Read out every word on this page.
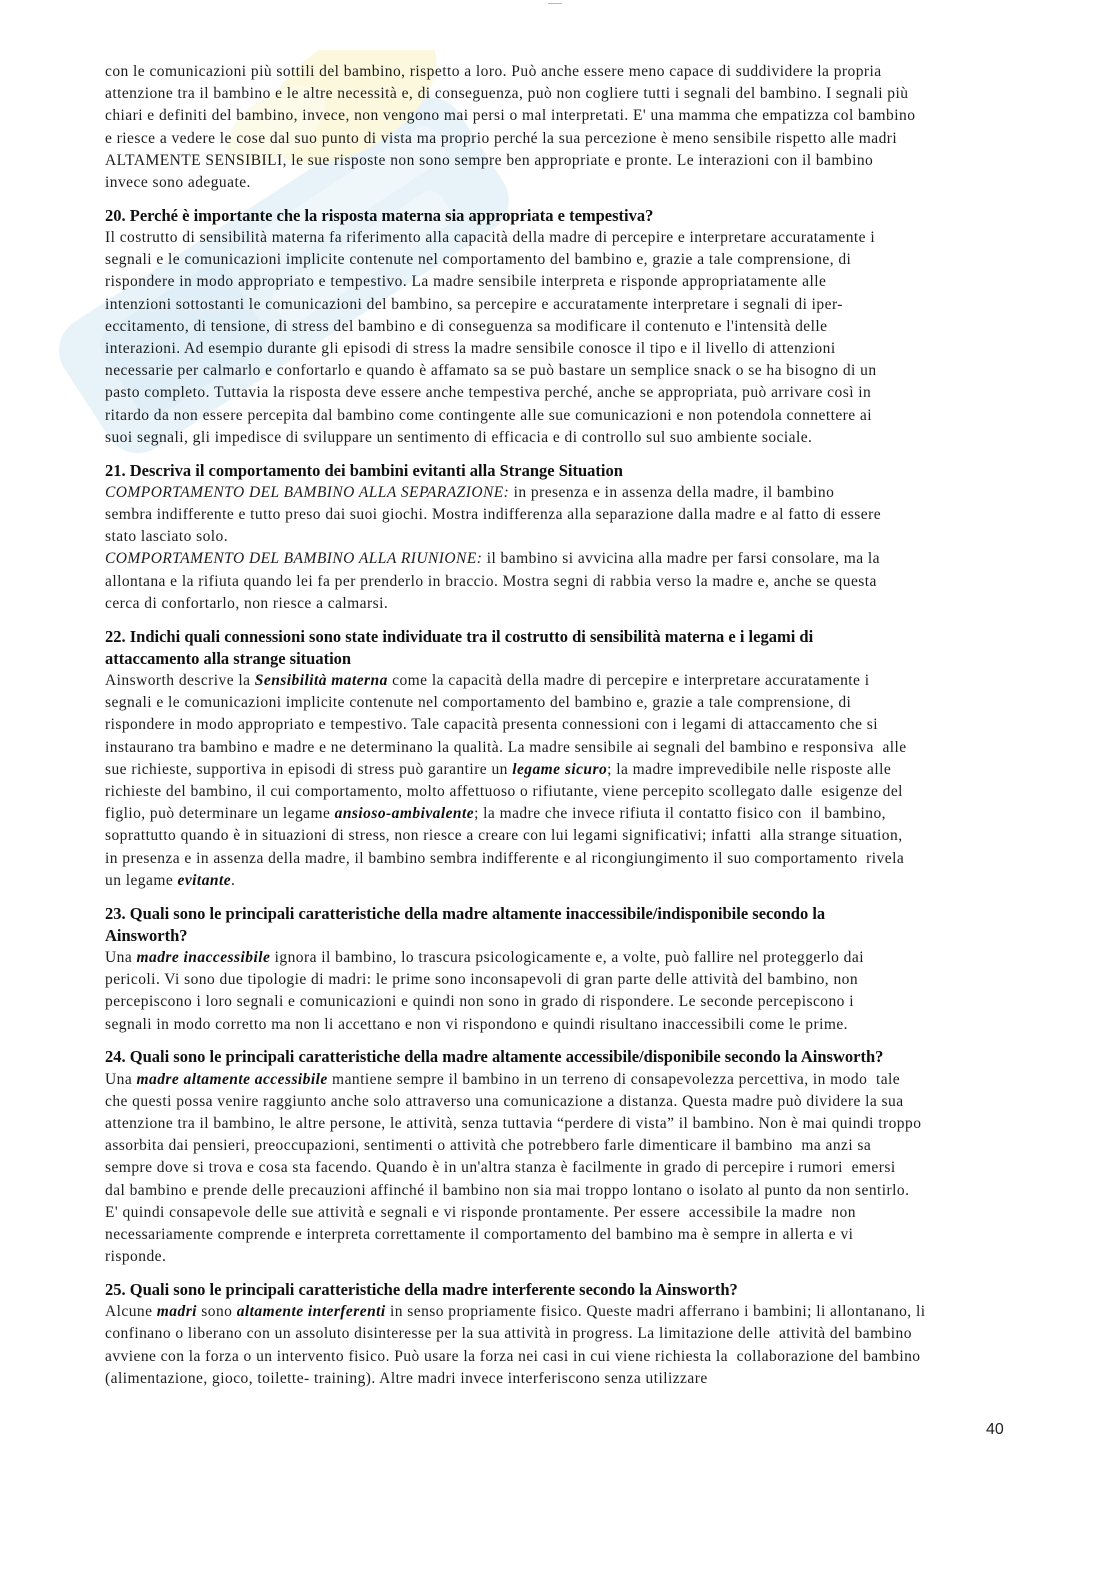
con le comunicazioni più sottili del bambino, rispetto a loro. Può anche essere meno capace di suddividere la propria
attenzione tra il bambino e le altre necessità e, di conseguenza, può non cogliere tutti i segnali del bambino. I segnali più
chiari e definiti del bambino, invece, non vengono mai persi o mal interpretati. E' una mamma che empatizza col bambino
e riesce a vedere le cose dal suo punto di vista ma proprio perché la sua percezione è meno sensibile rispetto alle madri
ALTAMENTE SENSIBILI, le sue risposte non sono sempre ben appropriate e pronte. Le interazioni con il bambino
invece sono adeguate.
20. Perché è importante che la risposta materna sia appropriata e tempestiva?
Il costrutto di sensibilità materna fa riferimento alla capacità della madre di percepire e interpretare accuratamente i
segnali e le comunicazioni implicite contenute nel comportamento del bambino e, grazie a tale comprensione, di
rispondere in modo appropriato e tempestivo. La madre sensibile interpreta e risponde appropriatamente alle
intenzioni sottostanti le comunicazioni del bambino, sa percepire e accuratamente interpretare i segnali di iper-
eccitamento, di tensione, di stress del bambino e di conseguenza sa modificare il contenuto e l'intensità delle
interazioni. Ad esempio durante gli episodi di stress la madre sensibile conosce il tipo e il livello di attenzioni
necessarie per calmarlo e confortarlo e quando è affamato sa se può bastare un semplice snack o se ha bisogno di un
pasto completo. Tuttavia la risposta deve essere anche tempestiva perché, anche se appropriata, può arrivare così in
ritardo da non essere percepita dal bambino come contingente alle sue comunicazioni e non potendola connettere ai
suoi segnali, gli impedisce di sviluppare un sentimento di efficacia e di controllo sul suo ambiente sociale.
21. Descriva il comportamento dei bambini evitanti alla Strange Situation
COMPORTAMENTO DEL BAMBINO ALLA SEPARAZIONE: in presenza e in assenza della madre, il bambino
sembra indifferente e tutto preso dai suoi giochi. Mostra indifferenza alla separazione dalla madre e al fatto di essere
stato lasciato solo.
COMPORTAMENTO DEL BAMBINO ALLA RIUNIONE: il bambino si avvicina alla madre per farsi consolare, ma la
allontana e la rifiuta quando lei fa per prenderlo in braccio. Mostra segni di rabbia verso la madre e, anche se questa
cerca di confortarlo, non riesce a calmarsi.
22. Indichi quali connessioni sono state individuate tra il costrutto di sensibilità materna e i legami di
attaccamento alla strange situation
Ainsworth descrive la Sensibilità materna come la capacità della madre di percepire e interpretare accuratamente i
segnali e le comunicazioni implicite contenute nel comportamento del bambino e, grazie a tale comprensione, di
rispondere in modo appropriato e tempestivo. Tale capacità presenta connessioni con i legami di attaccamento che si
instaurano tra bambino e madre e ne determinano la qualità. La madre sensibile ai segnali del bambino e responsiva  alle
sue richieste, supportiva in episodi di stress può garantire un legame sicuro; la madre imprevedibile nelle risposte alle
richieste del bambino, il cui comportamento, molto affettuoso o rifiutante, viene percepito scollegato dalle  esigenze del
figlio, può determinare un legame ansioso-ambivalente; la madre che invece rifiuta il contatto fisico con  il bambino,
soprattutto quando è in situazioni di stress, non riesce a creare con lui legami significativi; infatti  alla strange situation,
in presenza e in assenza della madre, il bambino sembra indifferente e al ricongiungimento il suo comportamento  rivela
un legame evitante.
23. Quali sono le principali caratteristiche della madre altamente inaccessibile/indisponibile secondo la
Ainsworth?
Una madre inaccessibile ignora il bambino, lo trascura psicologicamente e, a volte, può fallire nel proteggerlo dai
pericoli. Vi sono due tipologie di madri: le prime sono inconsapevoli di gran parte delle attività del bambino, non
percepiscono i loro segnali e comunicazioni e quindi non sono in grado di rispondere. Le seconde percepiscono i
segnali in modo corretto ma non li accettano e non vi rispondono e quindi risultano inaccessibili come le prime.
24. Quali sono le principali caratteristiche della madre altamente accessibile/disponibile secondo la Ainsworth?
Una madre altamente accessibile mantiene sempre il bambino in un terreno di consapevolezza percettiva, in modo  tale
che questi possa venire raggiunto anche solo attraverso una comunicazione a distanza. Questa madre può dividere la sua
attenzione tra il bambino, le altre persone, le attività, senza tuttavia “perdere di vista” il bambino. Non è mai quindi troppo
assorbita dai pensieri, preoccupazioni, sentimenti o attività che potrebbero farle dimenticare il bambino  ma anzi sa
sempre dove si trova e cosa sta facendo. Quando è in un'altra stanza è facilmente in grado di percepire i rumori  emersi
dal bambino e prende delle precauzioni affinché il bambino non sia mai troppo lontano o isolato al punto da non sentirlo.
E' quindi consapevole delle sue attività e segnali e vi risponde prontamente. Per essere  accessibile la madre  non
necessariamente comprende e interpreta correttamente il comportamento del bambino ma è sempre in allerta e vi
risponde.
25. Quali sono le principali caratteristiche della madre interferente secondo la Ainsworth?
Alcune madri sono altamente interferenti in senso propriamente fisico. Queste madri afferrano i bambini; li allontanano, li
confinano o liberano con un assoluto disinteresse per la sua attività in progress. La limitazione delle  attività del bambino
avviene con la forza o un intervento fisico. Può usare la forza nei casi in cui viene richiesta la  collaborazione del bambino
(alimentazione, gioco, toilette- training). Altre madri invece interferiscono senza utilizzare
40
